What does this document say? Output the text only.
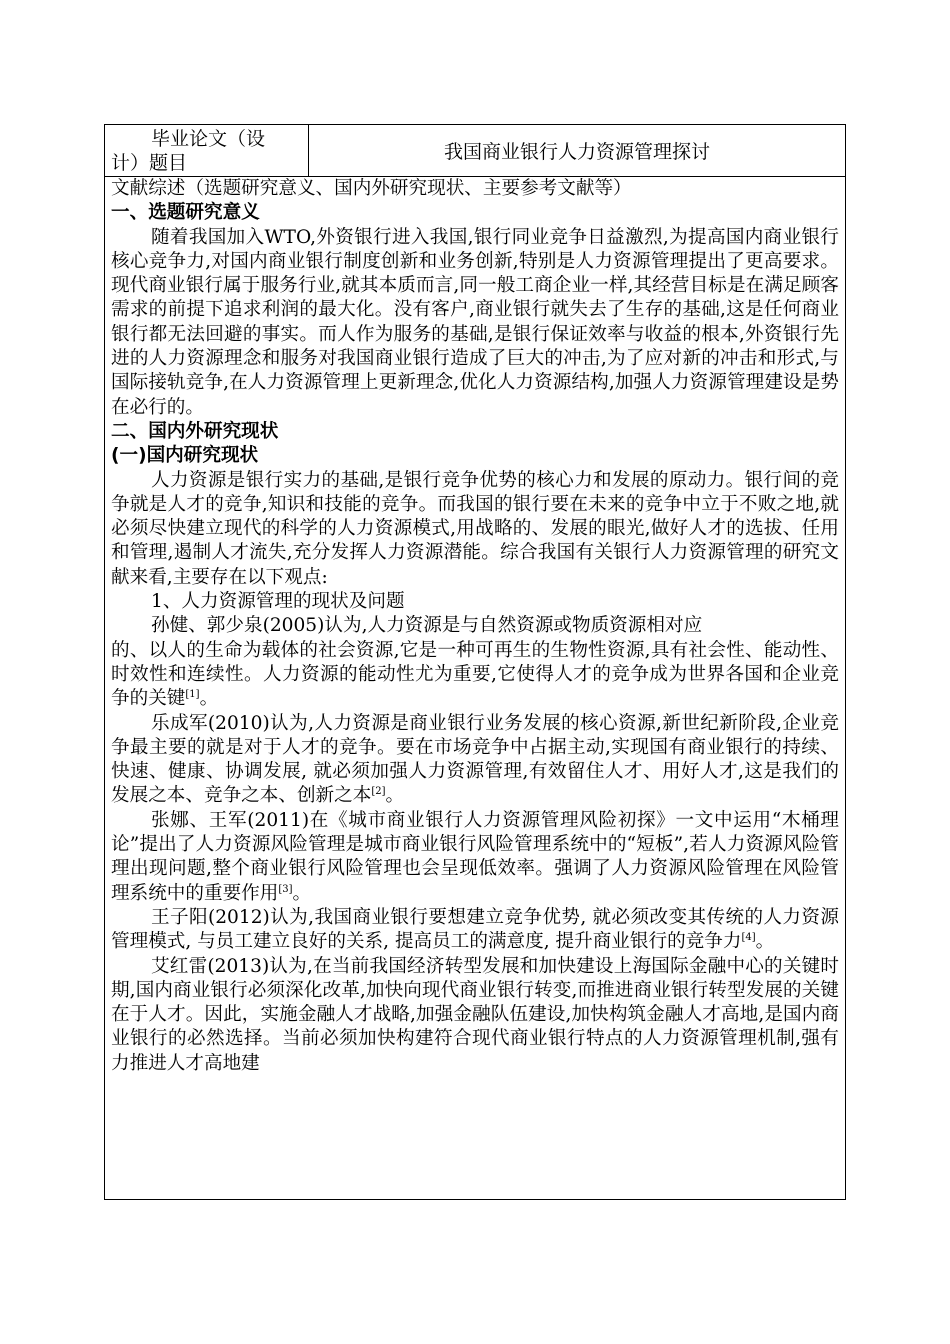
毕业论文（设
计）题目	我国商业银行人力资源管理探讨

文献综述（选题研究意义、国内外研究现状、主要参考文献等）

一、选题研究意义

随着我国加入WTO,外资银行进入我国,银行同业竞争日益激烈,为提高国内商业银行核心竞争力,对国内商业银行制度创新和业务创新,特别是人力资源管理提出了更高要求。现代商业银行属于服务行业,就其本质而言,同一般工商企业一样,其经营目标是在满足顾客需求的前提下追求利润的最大化。没有客户,商业银行就失去了生存的基础,这是任何商业银行都无法回避的事实。而人作为服务的基础,是银行保证效率与收益的根本,外资银行先进的人力资源理念和服务对我国商业银行造成了巨大的冲击,为了应对新的冲击和形式,与国际接轨竞争,在人力资源管理上更新理念,优化人力资源结构,加强人力资源管理建设是势在必行的。

二、国内外研究现状

(一)国内研究现状

人力资源是银行实力的基础,是银行竞争优势的核心力和发展的原动力。银行间的竞争就是人才的竞争,知识和技能的竞争。而我国的银行要在未来的竞争中立于不败之地,就必须尽快建立现代的科学的人力资源模式,用战略的、发展的眼光,做好人才的选拔、任用和管理,遏制人才流失,充分发挥人力资源潜能。综合我国有关银行人力资源管理的研究文献来看,主要存在以下观点:

1、人力资源管理的现状及问题

孙健、郭少泉(2005)认为,人力资源是与自然资源或物质资源相对应
的、以人的生命为载体的社会资源,它是一种可再生的生物性资源,具有社会性、能动性、时效性和连续性。人力资源的能动性尤为重要,它使得人才的竞争成为世界各国和企业竞争的关键[1]。

乐成军(2010)认为,人力资源是商业银行业务发展的核心资源,新世纪新阶段,企业竞争最主要的就是对于人才的竞争。要在市场竞争中占据主动,实现国有商业银行的持续、快速、健康、协调发展, 就必须加强人力资源管理,有效留住人才、用好人才,这是我们的发展之本、竞争之本、创新之本[2]。

张娜、王军(2011)在《城市商业银行人力资源管理风险初探》一文中运用“木桶理论”提出了人力资源风险管理是城市商业银行风险管理系统中的“短板”,若人力资源风险管理出现问题,整个商业银行风险管理也会呈现低效率。强调了人力资源风险管理在风险管理系统中的重要作用[3]。

王子阳(2012)认为,我国商业银行要想建立竞争优势, 就必须改变其传统的人力资源管理模式, 与员工建立良好的关系, 提高员工的满意度, 提升商业银行的竞争力[4]。

艾红雷(2013)认为,在当前我国经济转型发展和加快建设上海国际金融中心的关键时期,国内商业银行必须深化改革,加快向现代商业银行转变,而推进商业银行转型发展的关键在于人才。因此，实施金融人才战略,加强金融队伍建设,加快构筑金融人才高地,是国内商业银行的必然选择。当前必须加快构建符合现代商业银行特点的人力资源管理机制,强有力推进人才高地建
